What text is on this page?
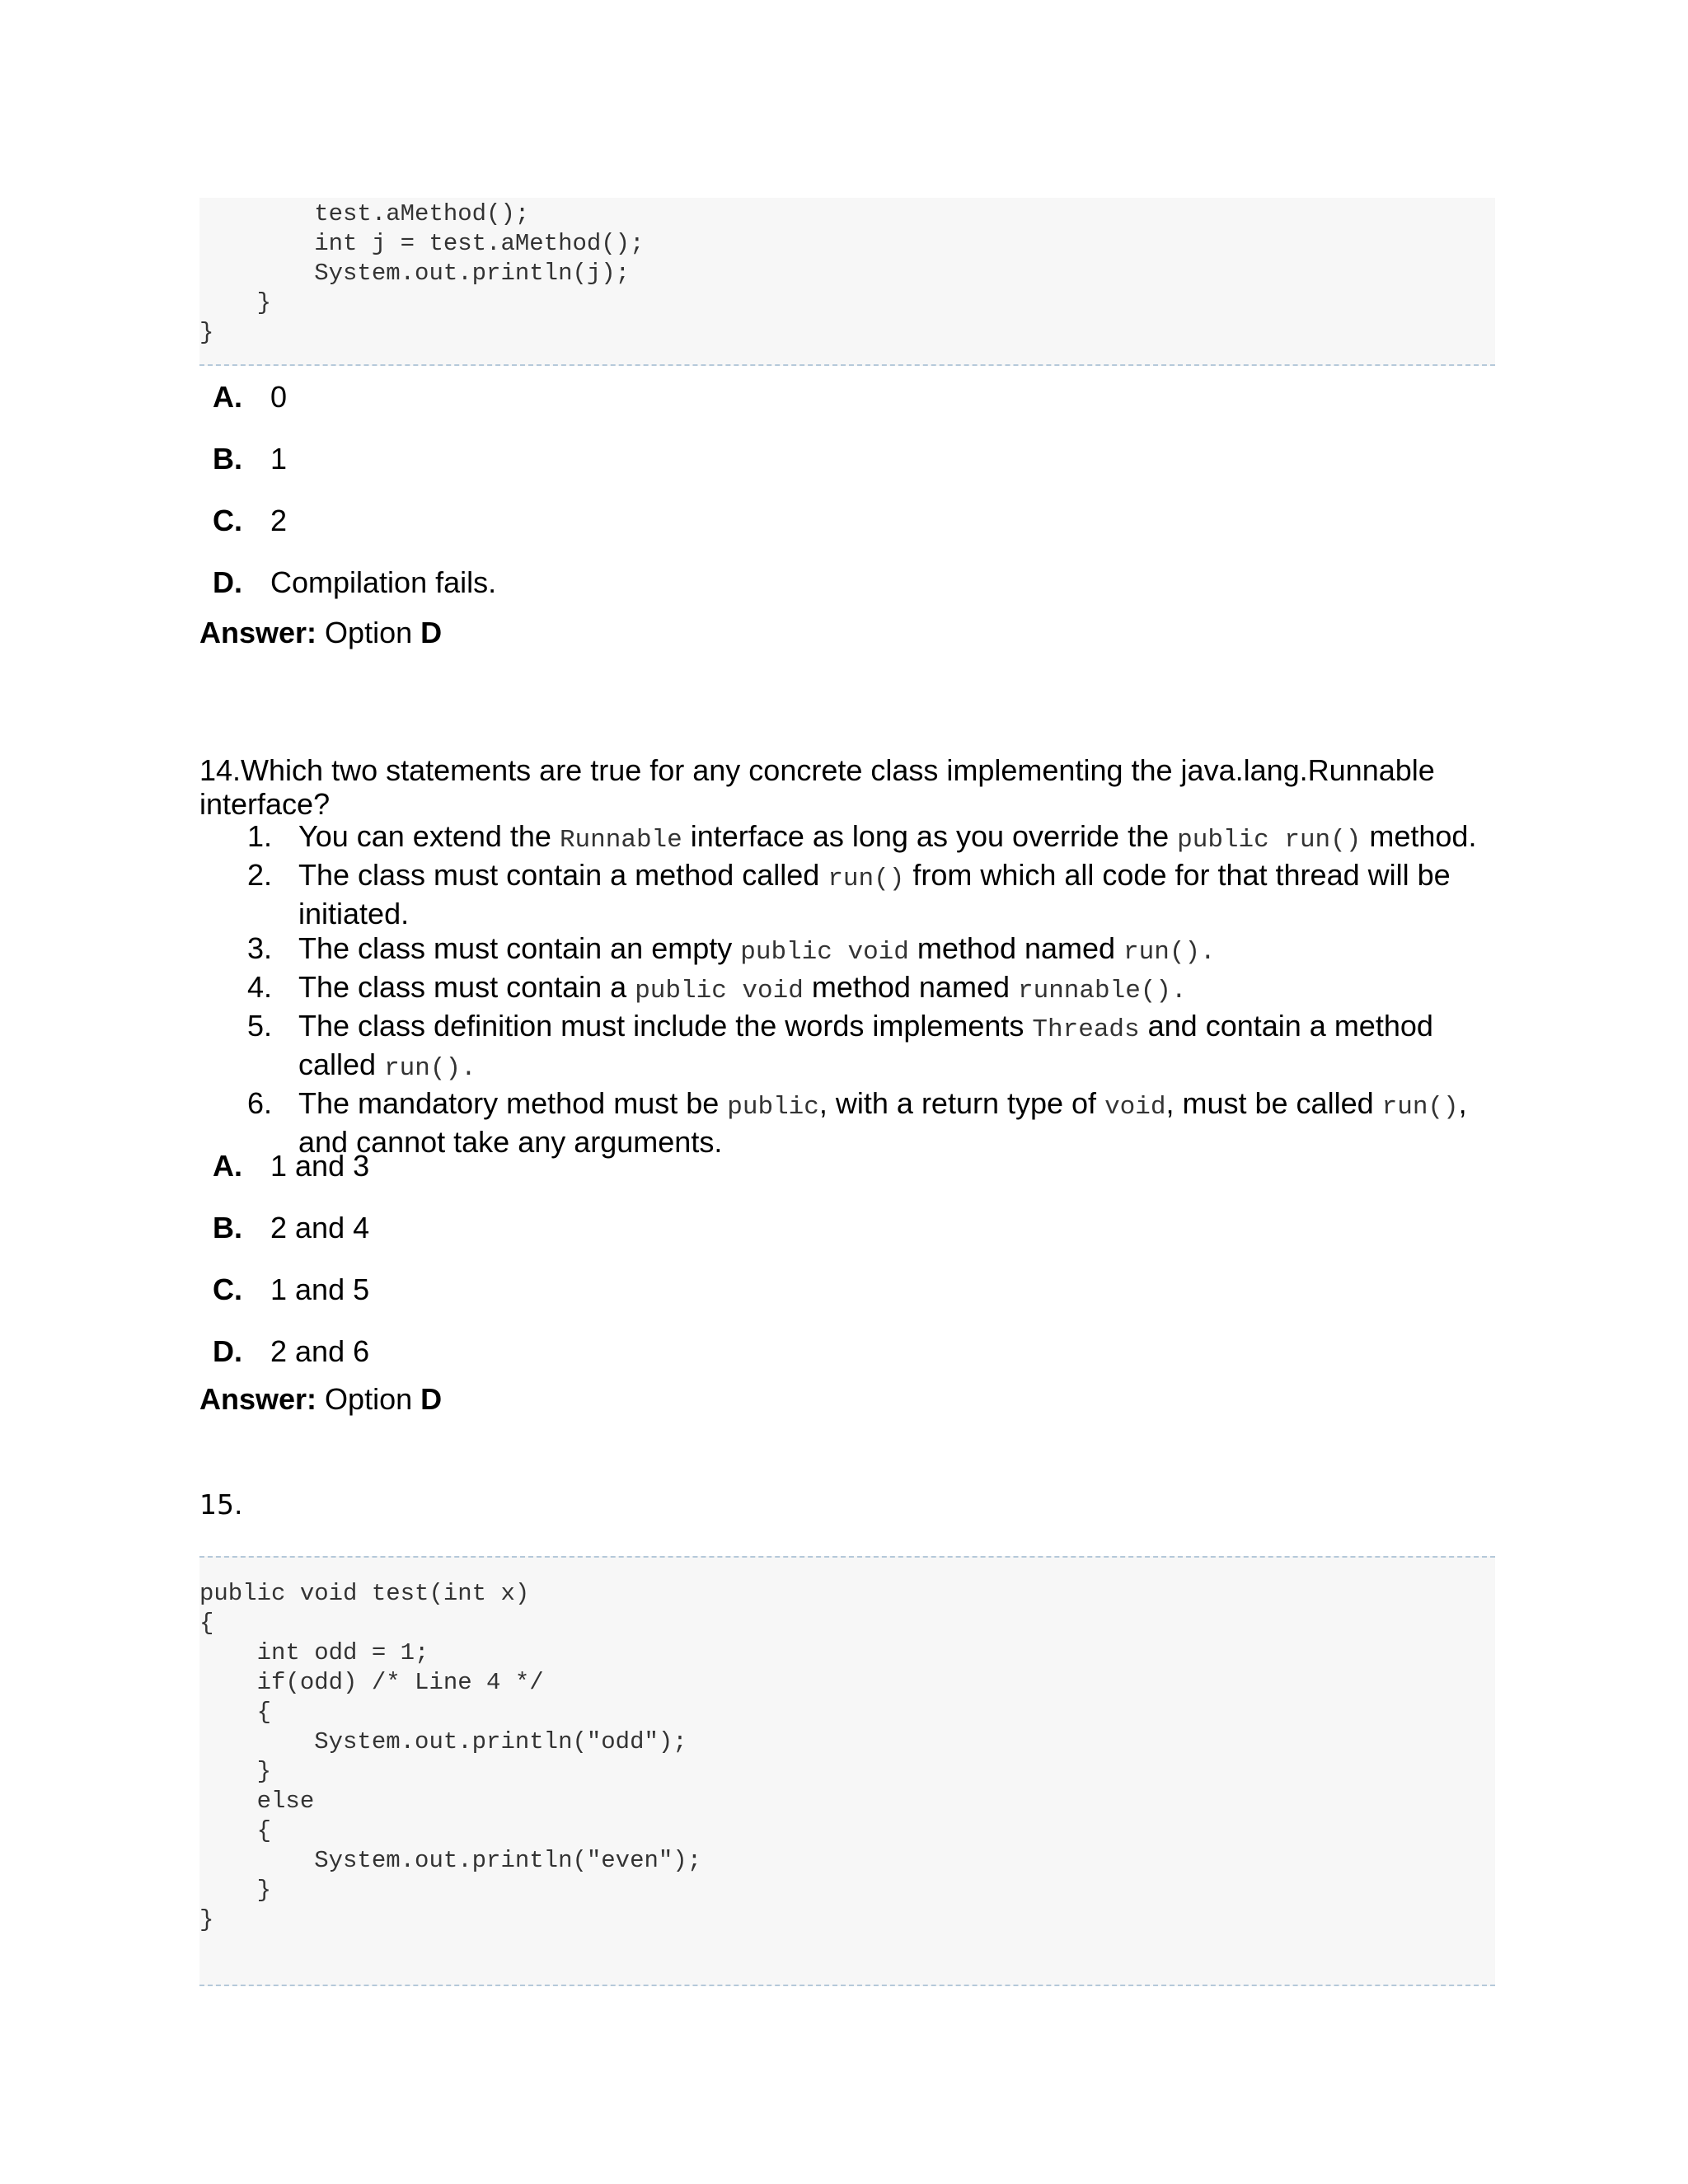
test.aMethod();
int j = test.aMethod();
System.out.println(j);
}
}
A. 0
B. 1
C. 2
D. Compilation fails.
Answer: Option D
14.Which two statements are true for any concrete class implementing the java.lang.Runnable interface?
1. You can extend the Runnable interface as long as you override the public run() method.
2. The class must contain a method called run() from which all code for that thread will be initiated.
3. The class must contain an empty public void method named run().
4. The class must contain a public void method named runnable().
5. The class definition must include the words implements Threads and contain a method called run().
6. The mandatory method must be public, with a return type of void, must be called run(), and cannot take any arguments.
A. 1 and 3
B. 2 and 4
C. 1 and 5
D. 2 and 6
Answer: Option D
15.
public void test(int x)
{
int odd = 1;
if(odd) /* Line 4 */
{
System.out.println("odd");
}
else
{
System.out.println("even");
}
}
